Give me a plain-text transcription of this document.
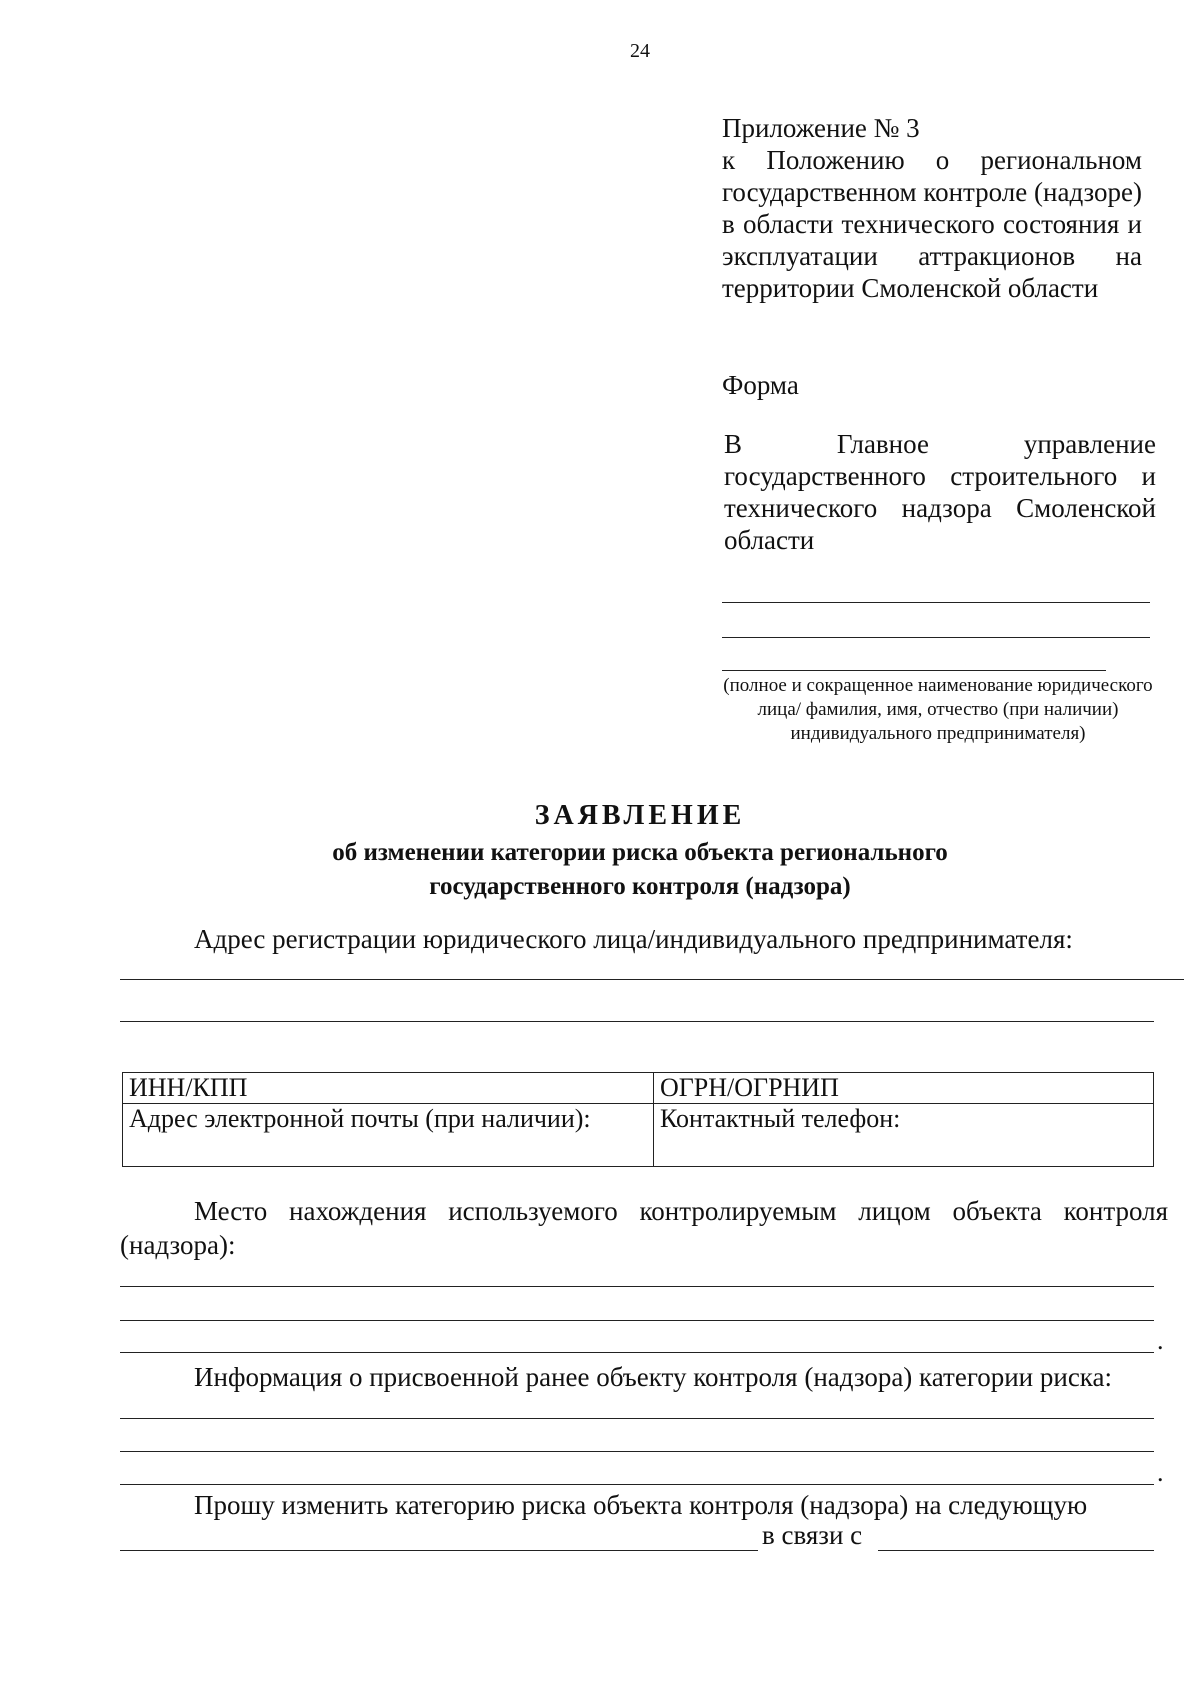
24
Приложение № 3
к Положению о региональном государственном контроле (надзоре) в области технического состояния и эксплуатации аттракционов на территории Смоленской области
Форма
В Главное управление государственного строительного и технического надзора Смоленской области
(полное и сокращенное наименование юридического лица/ фамилия, имя, отчество (при наличии) индивидуального предпринимателя)
ЗАЯВЛЕНИЕ
об изменении категории риска объекта регионального государственного контроля (надзора)
Адрес регистрации юридического лица/индивидуального предпринимателя:
ИНН/КПП	ОГРН/ОГРНИП
Адрес электронной почты (при наличии):	Контактный телефон:
Место нахождения используемого контролируемым лицом объекта контроля (надзора):
.
Информация о присвоенной ранее объекту контроля (надзора) категории риска:
.
Прошу изменить категорию риска объекта контроля (надзора) на следующую
в связи с
